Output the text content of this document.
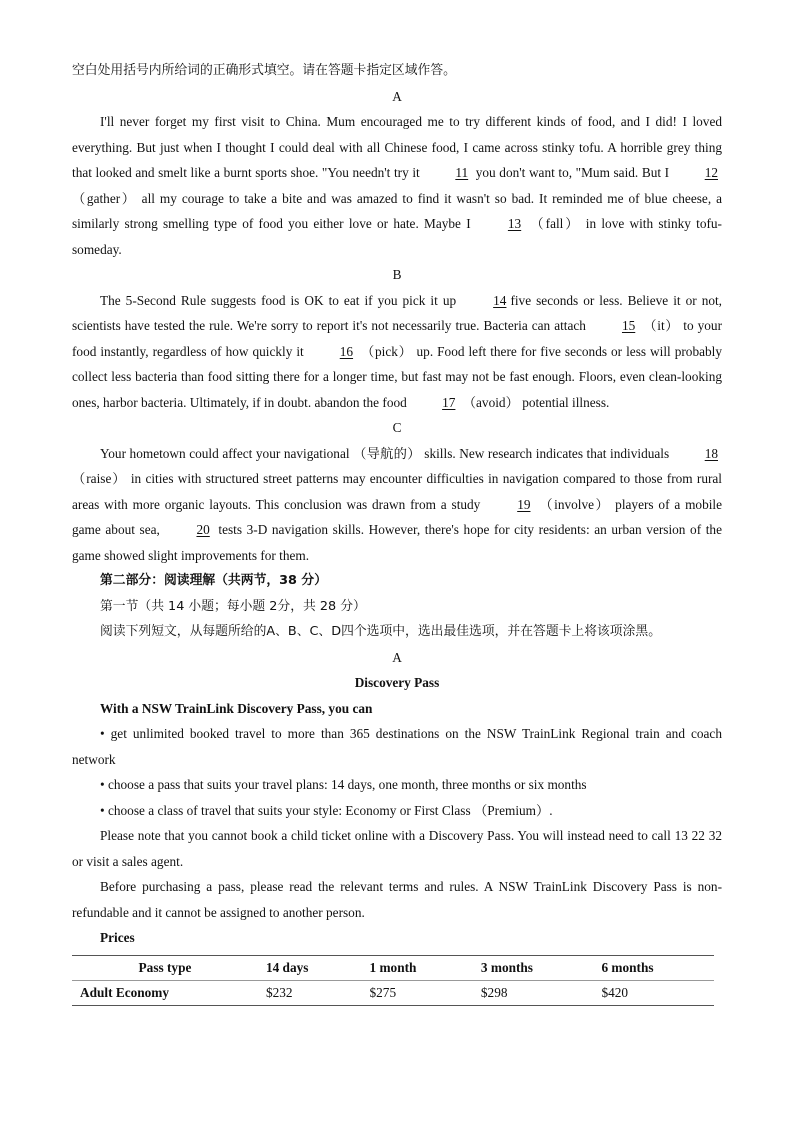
空白处用括号内所给词的正确形式填空。请在答题卡指定区域作答。

A

I'll never forget my first visit to China. Mum encouraged me to try different kinds of food, and I did! I loved everything. But just when I thought I could deal with all Chinese food, I came across stinky tofu. A horrible grey thing that looked and smelt like a burnt sports shoe. "You needn't try it 11 you don't want to, "Mum said. But I 12 （gather） all my courage to take a bite and was amazed to find it wasn't so bad. It reminded me of blue cheese, a similarly strong smelling type of food you either love or hate. Maybe I 13 （fall） in love with stinky tofu-someday.

B

The 5-Second Rule suggests food is OK to eat if you pick it up 14 five seconds or less. Believe it or not, scientists have tested the rule. We're sorry to report it's not necessarily true. Bacteria can attach 15 （it） to your food instantly, regardless of how quickly it 16 （pick） up. Food left there for five seconds or less will probably collect less bacteria than food sitting there for a longer time, but fast may not be fast enough. Floors, even clean-looking ones, harbor bacteria. Ultimately, if in doubt. abandon the food 17 （avoid） potential illness.

C

Your hometown could affect your navigational （导航的） skills. New research indicates that individuals 18（raise） in cities with structured street patterns may encounter difficulties in navigation compared to those from rural areas with more organic layouts. This conclusion was drawn from a study 19 （involve） players of a mobile game about sea, 20 tests 3-D navigation skills. However, there's hope for city residents: an urban version of the game showed slight improvements for them.

第二部分：阅读理解（共两节，38 分）

第一节（共 14 小题；每小题 2分，共 28 分）

阅读下列短文，从每题所给的A、B、C、D四个选项中，选出最佳选项，并在答题卡上将该项涂黑。

A

Discovery Pass

With a NSW TrainLink Discovery Pass, you can

• get unlimited booked travel to more than 365 destinations on the NSW TrainLink Regional train and coach network

• choose a pass that suits your travel plans: 14 days, one month, three months or six months

• choose a class of travel that suits your style: Economy or First Class （Premium）.

Please note that you cannot book a child ticket online with a Discovery Pass. You will instead need to call 13 22 32 or visit a sales agent.

Before purchasing a pass, please read the relevant terms and rules. A NSW TrainLink Discovery Pass is non-refundable and it cannot be assigned to another person.

Prices

Pass type	14 days	1 month	3 months	6 months
Adult Economy	$232	$275	$298	$420
